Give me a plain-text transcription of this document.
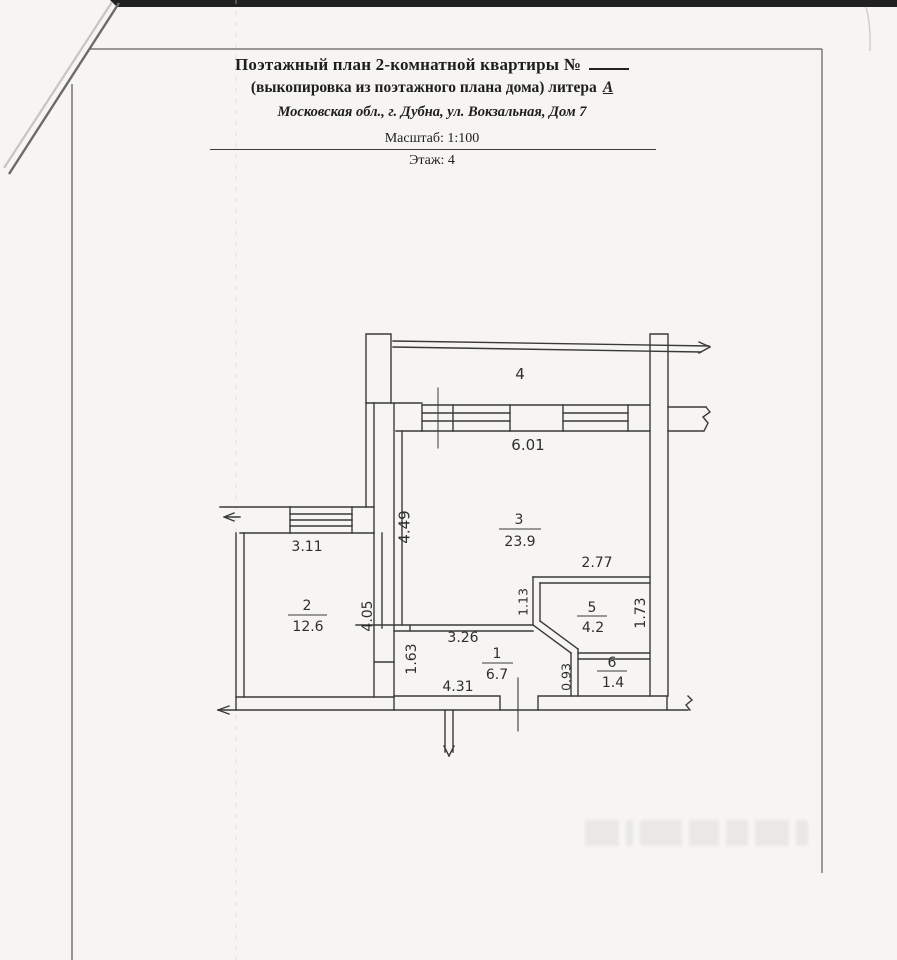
Поэтажный план 2-комнатной квартиры №
(выкопировка из поэтажного плана дома) литера А
Московская обл., г. Дубна, ул. Вокзальная, Дом 7
Масштаб: 1:100
Этаж: 4
4
6.01
4.49	3
23.9
2.77
1.13	1.73
5
4.2
3.11
2
12.6	4.05
1.63
3.26
1
6.7
4.31	0.93
6
1.4
